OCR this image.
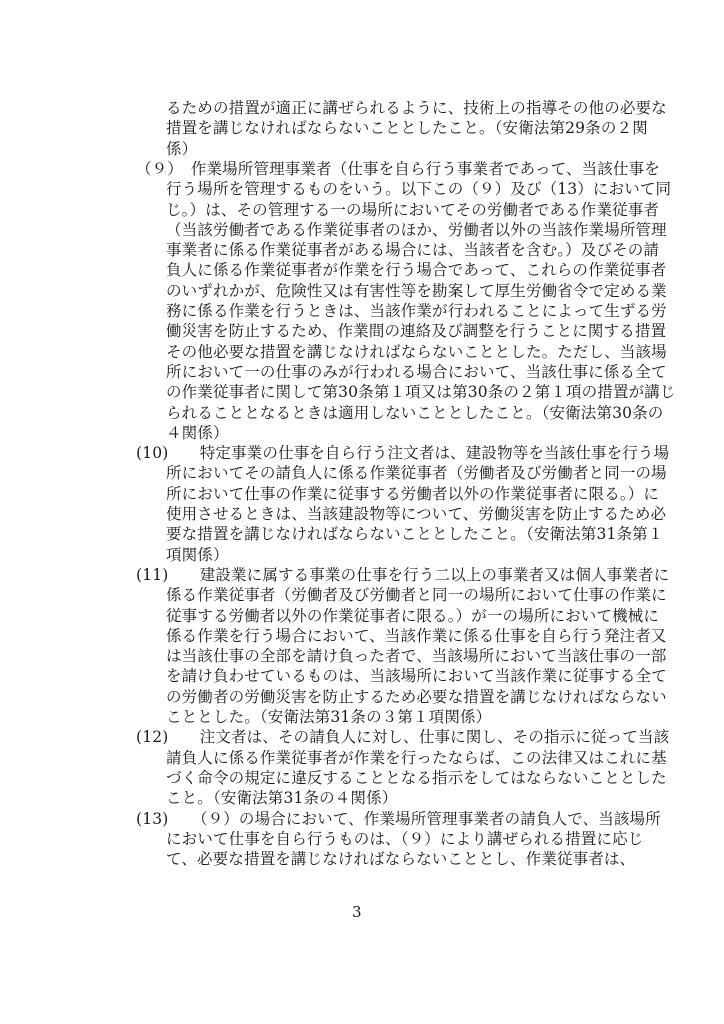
るための措置が適正に講ぜられるように、技術上の指導その他の必要な
措置を講じなければならないこととしたこと。（安衛法第29条の２関
係）
（９）　作業場所管理事業者（仕事を自ら行う事業者であって、当該仕事を
行う場所を管理するものをいう。以下この（９）及び（13）において同
じ。）は、その管理する一の場所においてその労働者である作業従事者
（当該労働者である作業従事者のほか、労働者以外の当該作業場所管理
事業者に係る作業従事者がある場合には、当該者を含む。）及びその請
負人に係る作業従事者が作業を行う場合であって、これらの作業従事者
のいずれかが、危険性又は有害性等を勘案して厚生労働省令で定める業
務に係る作業を行うときは、当該作業が行われることによって生ずる労
働災害を防止するため、作業間の連絡及び調整を行うことに関する措置
その他必要な措置を講じなければならないこととした。ただし、当該場
所において一の仕事のみが行われる場合において、当該仕事に係る全て
の作業従事者に関して第30条第１項又は第30条の２第１項の措置が講じ
られることとなるときは適用しないこととしたこと。（安衛法第30条の
４関係）
(10)　　特定事業の仕事を自ら行う注文者は、建設物等を当該仕事を行う場
所においてその請負人に係る作業従事者（労働者及び労働者と同一の場
所において仕事の作業に従事する労働者以外の作業従事者に限る。）に
使用させるときは、当該建設物等について、労働災害を防止するため必
要な措置を講じなければならないこととしたこと。（安衛法第31条第１
項関係）
(11)　　建設業に属する事業の仕事を行う二以上の事業者又は個人事業者に
係る作業従事者（労働者及び労働者と同一の場所において仕事の作業に
従事する労働者以外の作業従事者に限る。）が一の場所において機械に
係る作業を行う場合において、当該作業に係る仕事を自ら行う発注者又
は当該仕事の全部を請け負った者で、当該場所において当該仕事の一部
を請け負わせているものは、当該場所において当該作業に従事する全て
の労働者の労働災害を防止するため必要な措置を講じなければならない
こととした。（安衛法第31条の３第１項関係）
(12)　　注文者は、その請負人に対し、仕事に関し、その指示に従って当該
請負人に係る作業従事者が作業を行ったならば、この法律又はこれに基
づく命令の規定に違反することとなる指示をしてはならないこととした
こと。（安衛法第31条の４関係）
(13)　　（９）の場合において、作業場所管理事業者の請負人で、当該場所
において仕事を自ら行うものは、（９）により講ぜられる措置に応じ
て、必要な措置を講じなければならないこととし、作業従事者は、
3
